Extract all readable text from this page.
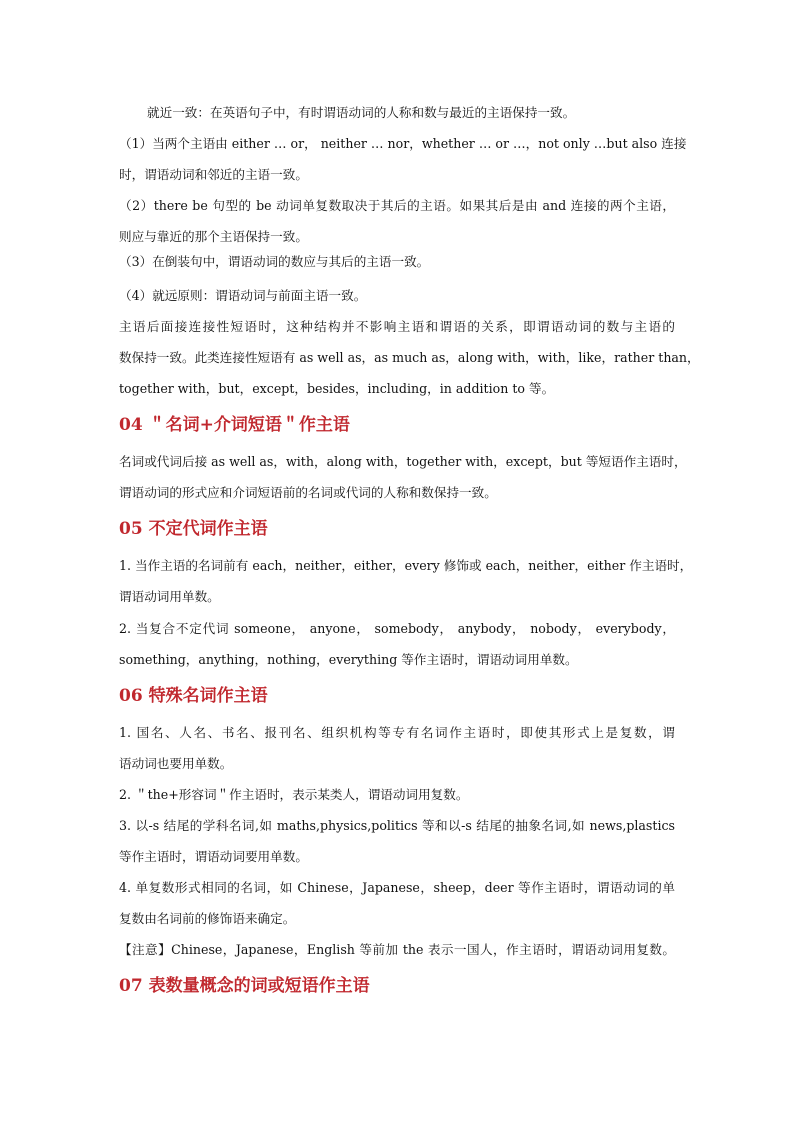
就近一致：在英语句子中，有时谓语动词的人称和数与最近的主语保持一致。
（1）当两个主语由 either … or， neither … nor，whether … or …，not only …but also 连接
时，谓语动词和邻近的主语一致。
（2）there be 句型的 be 动词单复数取决于其后的主语。如果其后是由 and 连接的两个主语，
则应与靠近的那个主语保持一致。
（3）在倒装句中，谓语动词的数应与其后的主语一致。
（4）就远原则：谓语动词与前面主语一致。
主语后面接连接性短语时，这种结构并不影响主语和谓语的关系，即谓语动词的数与主语的
数保持一致。此类连接性短语有 as well as，as much as，along with，with，like，rather than，
together with，but，except，besides，including，in addition to 等。
04 ＂名词+介词短语＂作主语
名词或代词后接 as well as，with，along with，together with，except，but 等短语作主语时，
谓语动词的形式应和介词短语前的名词或代词的人称和数保持一致。
05 不定代词作主语
1. 当作主语的名词前有 each，neither，either，every 修饰或 each，neither，either 作主语时，
谓语动词用单数。
2. 当复合不定代词 someone， anyone， somebody， anybody， nobody， everybody，
something，anything，nothing，everything 等作主语时，谓语动词用单数。
06 特殊名词作主语
1. 国名、人名、书名、报刊名、组织机构等专有名词作主语时，即使其形式上是复数，谓
语动词也要用单数。
2. ＂the+形容词＂作主语时，表示某类人，谓语动词用复数。
3. 以-s 结尾的学科名词,如 maths,physics,politics 等和以-s 结尾的抽象名词,如 news,plastics
等作主语时，谓语动词要用单数。
4. 单复数形式相同的名词，如 Chinese，Japanese，sheep，deer 等作主语时，谓语动词的单
复数由名词前的修饰语来确定。
【注意】Chinese，Japanese，English 等前加 the 表示一国人，作主语时，谓语动词用复数。
07 表数量概念的词或短语作主语
